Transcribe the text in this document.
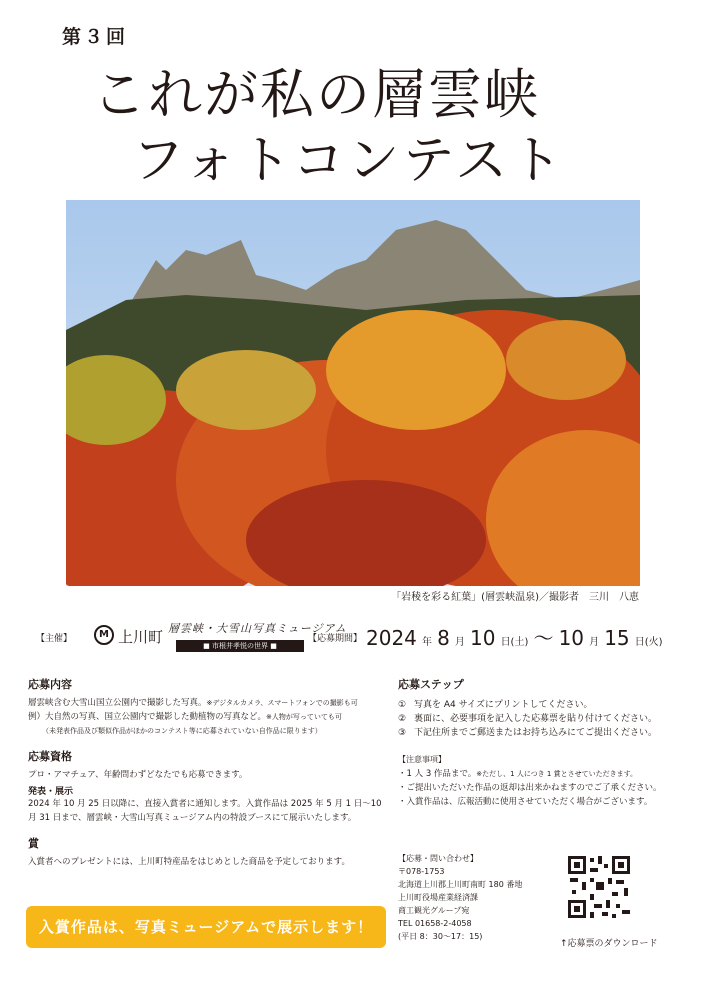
第３回
これが私の層雲峡
フォトコンテスト
「岩稜を彩る紅葉」(層雲峡温泉)／撮影者　三川　八恵
【主催】	M 上川町 層雲峡・大雪山写真ミュージアム
■ 市根井孝悦の世界 ■
【応募期間】 2024 年 8 月 10 日(土) ～ 10 月 15 日(火)
応募内容

層雲峡含む大雪山国立公園内で撮影した写真。※デジタルカメラ、スマートフォンでの撮影も可

例）大自然の写真、国立公園内で撮影した動植物の写真など。※人物が写っていても可

（未発表作品及び類似作品がほかのコンテスト等に応募されていない自作品に限ります）

応募資格

プロ・アマチュア、年齢問わずどなたでも応募できます。

発表・展示

2024 年 10 月 25 日以降に、直接入賞者に通知します。入賞作品は 2025 年 5 月 1 日～10 月 31 日まで、層雲峡・大雪山写真ミュージアム内の特設ブースにて展示いたします。

賞

入賞者へのプレゼントには、上川町特産品をはじめとした商品を予定しております。

入賞作品は、写真ミュージアムで展示します！
応募ステップ
① 写真を A4 サイズにプリントしてください。
② 裏面に、必要事項を記入した応募票を貼り付けてください。
③ 下記住所までご郵送またはお持ち込みにてご提出ください。
【注意事項】
・ 1 人 3 作品まで。※ただし、1 人につき 1 賞とさせていただきます。
・ ご提出いただいた作品の返却は出来かねますのでご了承ください。
・ 入賞作品は、広報活動に使用させていただく場合がございます。
【応募・問い合わせ】
〒078-1753
北海道上川郡上川町南町 180 番地
上川町役場産業経済課
商工観光グループ宛
TEL 01658-2-4058
(平日 8：30～17：15)
↑応募票のダウンロード
